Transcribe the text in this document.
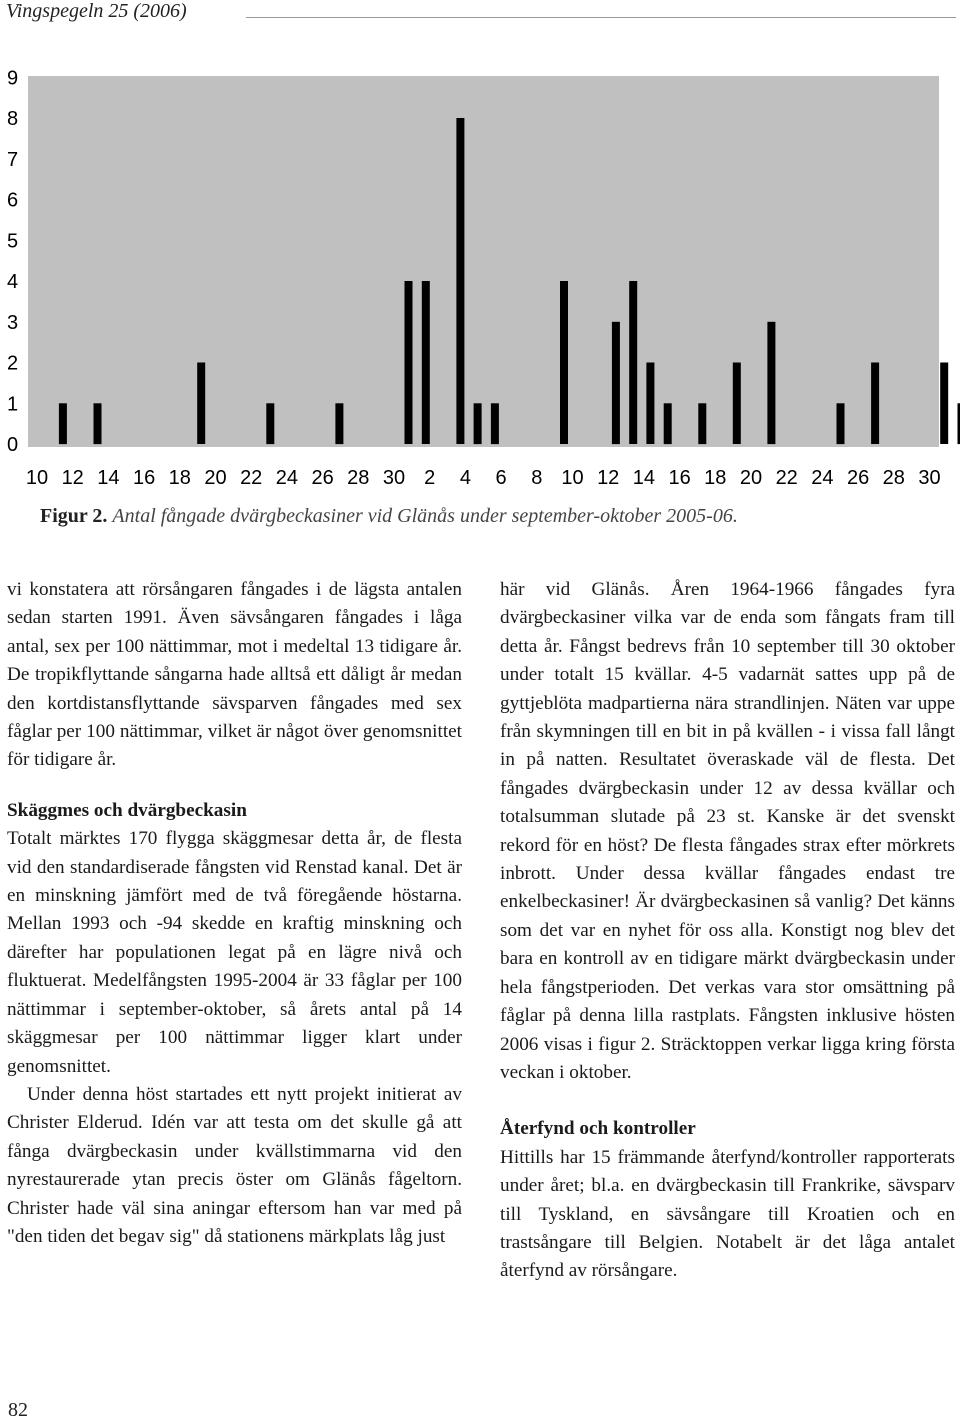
Vingspegeln 25 (2006)
0
1
2
3
4
5
6
7
8
9
10 12 14 16 18 20 22 24 26 28 30 2 4 6 8 10 12 14 16 18 20 22 24 26 28 30
Figur 2. Antal fångade dvärgbeckasiner vid Glänås under september-oktober 2005-06.

vi konstatera att rörsångaren fångades i de lägsta antalen sedan starten 1991. Även sävsångaren fångades i låga antal, sex per 100 nättimmar, mot i medeltal 13 tidigare år. De tropikflyttande sångarna hade alltså ett dåligt år medan den kortdistansflyttande sävsparven fångades med sex fåglar per 100 nättimmar, vilket är något över genomsnittet för tidigare år.

Skäggmes och dvärgbeckasin

Totalt märktes 170 flygga skäggmesar detta år, de flesta vid den standardiserade fångsten vid Renstad kanal. Det är en minskning jämfört med de två föregående höstarna. Mellan 1993 och -94 skedde en kraftig minskning och därefter har populationen legat på en lägre nivå och fluktuerat. Medelfångsten 1995-2004 är 33 fåglar per 100 nättimmar i september-oktober, så årets antal på 14 skäggmesar per 100 nättimmar ligger klart under genomsnittet.

Under denna höst startades ett nytt projekt initierat av Christer Elderud. Idén var att testa om det skulle gå att fånga dvärgbeckasin under kvällstimmarna vid den nyrestaurerade ytan precis öster om Glänås fågeltorn. Christer hade väl sina aningar eftersom han var med på "den tiden det begav sig" då stationens märkplats låg just

här vid Glänås. Åren 1964-1966 fångades fyra dvärgbeckasiner vilka var de enda som fångats fram till detta år. Fångst bedrevs från 10 september till 30 oktober under totalt 15 kvällar. 4-5 vadarnät sattes upp på de gyttjeblöta madpartierna nära strandlinjen. Näten var uppe från skymningen till en bit in på kvällen - i vissa fall långt in på natten. Resultatet överaskade väl de flesta. Det fångades dvärgbeckasin under 12 av dessa kvällar och totalsumman slutade på 23 st. Kanske är det svenskt rekord för en höst? De flesta fångades strax efter mörkrets inbrott. Under dessa kvällar fångades endast tre enkelbeckasiner! Är dvärgbeckasinen så vanlig? Det känns som det var en nyhet för oss alla. Konstigt nog blev det bara en kontroll av en tidigare märkt dvärgbeckasin under hela fångstperioden. Det verkas vara stor omsättning på fåglar på denna lilla rastplats. Fångsten inklusive hösten 2006 visas i figur 2. Sträcktoppen verkar ligga kring första veckan i oktober.

Återfynd och kontroller

Hittills har 15 främmande återfynd/kontroller rapporterats under året; bl.a. en dvärgbeckasin till Frankrike, sävsparv till Tyskland, en sävsångare till Kroatien och en trastsångare till Belgien. Notabelt är det låga antalet återfynd av rörsångare.

82
